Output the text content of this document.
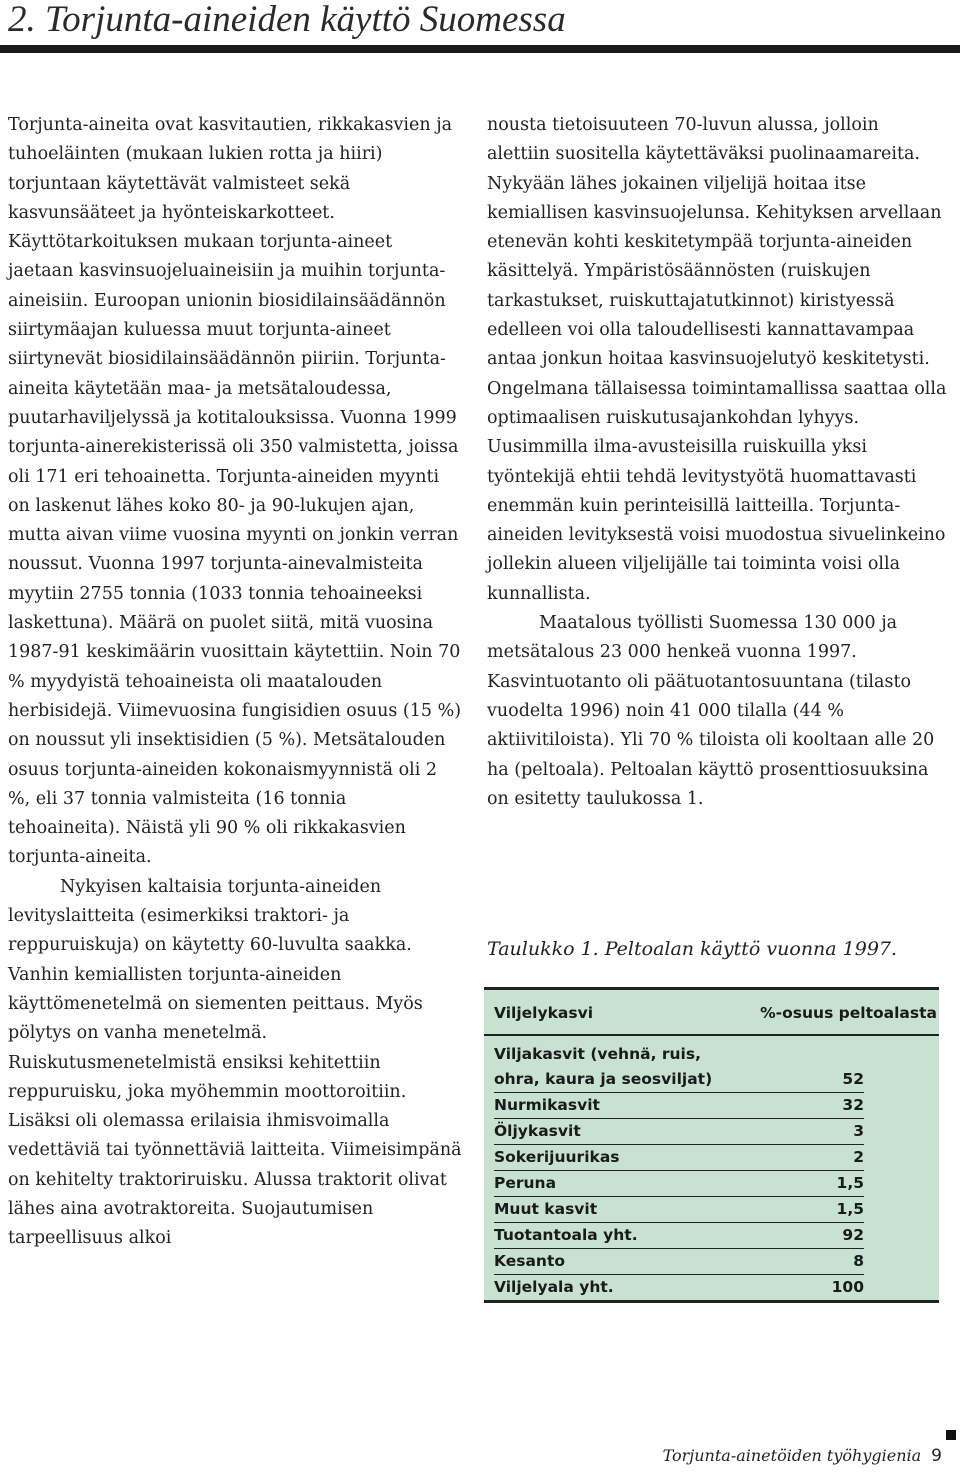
2. Torjunta-aineiden käyttö Suomessa

Torjunta-aineita ovat kasvitautien, rikkakasvien ja tuhoeläinten (mukaan lukien rotta ja hiiri) torjuntaan käytettävät valmisteet sekä kasvunsääteet ja hyönteiskarkotteet. Käyttötarkoituksen mukaan torjunta-aineet jaetaan kasvinsuojeluaineisiin ja muihin torjunta-aineisiin. Euroopan unionin biosidilainsäädännön siirtymäajan kuluessa muut torjunta-aineet siirtynevät biosidilainsäädännön piiriin. Torjunta-aineita käytetään maa- ja metsätaloudessa, puutarhaviljelyssä ja kotitalouksissa. Vuonna 1999 torjunta-ainerekisterissä oli 350 valmistetta, joissa oli 171 eri tehoainetta. Torjunta-aineiden myynti on laskenut lähes koko 80- ja 90-lukujen ajan, mutta aivan viime vuosina myynti on jonkin verran noussut. Vuonna 1997 torjunta-ainevalmisteita myytiin 2755 tonnia (1033 tonnia tehoaineeksi laskettuna). Määrä on puolet siitä, mitä vuosina 1987-91 keskimäärin vuosittain käytettiin. Noin 70 % myydyistä tehoaineista oli maatalouden herbisidejä. Viimevuosina fungisidien osuus (15 %) on noussut yli insektisidien (5 %). Metsätalouden osuus torjunta-aineiden kokonaismyynnistä oli 2 %, eli 37 tonnia valmisteita (16 tonnia tehoaineita). Näistä yli 90 % oli rikkakasvien torjunta-aineita.

Nykyisen kaltaisia torjunta-aineiden levityslaitteita (esimerkiksi traktori- ja reppuruiskuja) on käytetty 60-luvulta saakka. Vanhin kemiallisten torjunta-aineiden käyttömenetelmä on siementen peittaus. Myös pölytys on vanha menetelmä. Ruiskutusmenetelmistä ensiksi kehitettiin reppuruisku, joka myöhemmin moottoroitiin. Lisäksi oli olemassa erilaisia ihmisvoimalla vedettäviä tai työnnettäviä laitteita. Viimeisimpänä on kehitelty traktoriruisku. Alussa traktorit olivat lähes aina avotraktoreita. Suojautumisen tarpeellisuus alkoi

nousta tietoisuuteen 70-luvun alussa, jolloin alettiin suositella käytettäväksi puolinaamareita. Nykyään lähes jokainen viljelijä hoitaa itse kemiallisen kasvinsuojelunsa. Kehityksen arvellaan etenevän kohti keskitetympää torjunta-aineiden käsittelyä. Ympäristösäännösten (ruiskujen tarkastukset, ruiskuttajatutkinnot) kiristyessä edelleen voi olla taloudellisesti kannattavampaa antaa jonkun hoitaa kasvinsuojelutyö keskitetysti. Ongelmana tällaisessa toimintamallissa saattaa olla optimaalisen ruiskutusajankohdan lyhyys. Uusimmilla ilma-avusteisilla ruiskuilla yksi työntekijä ehtii tehdä levitystyötä huomattavasti enemmän kuin perinteisillä laitteilla. Torjunta-aineiden levityksestä voisi muodostua sivuelinkeino jollekin alueen viljelijälle tai toiminta voisi olla kunnallista.

Maatalous työllisti Suomessa 130 000 ja metsätalous 23 000 henkeä vuonna 1997. Kasvintuotanto oli päätuotantosuuntana (tilasto vuodelta 1996) noin 41 000 tilalla (44 % aktiivitiloista). Yli 70 % tiloista oli kooltaan alle 20 ha (peltoala). Peltoalan käyttö prosenttiosuuksina on esitetty taulukossa 1.

Taulukko 1. Peltoalan käyttö vuonna 1997.
Viljelykasvi	%-osuus peltoalasta
Viljakasvit (vehnä, ruis,
ohra, kaura ja seosviljat)	52
Nurmikasvit	32
Öljykasvit	3
Sokerijuurikas	2
Peruna	1,5
Muut kasvit	1,5
Tuotantoala yht.	92
Kesanto	8
Viljelyala yht.	100
Torjunta-ainetöiden työhygienia 9
